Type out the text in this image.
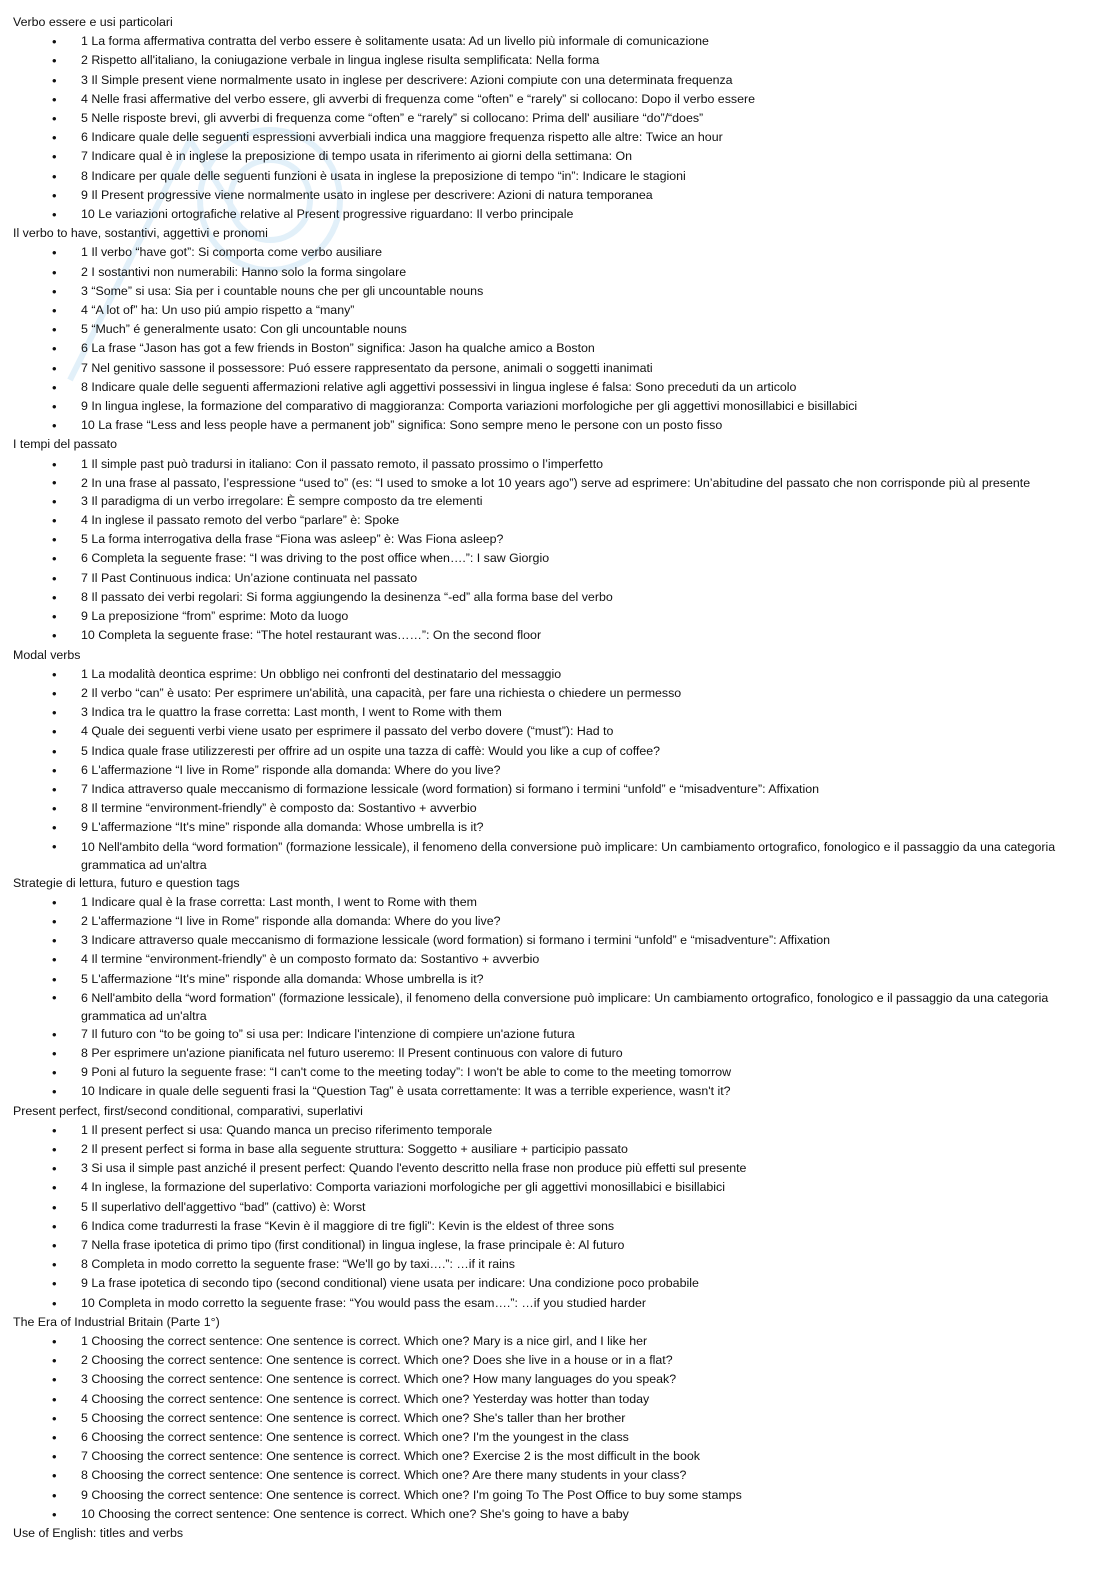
Verbo essere e usi particolari
• 1 La forma affermativa contratta del verbo essere è solitamente usata: Ad un livello più informale di comunicazione
• 2 Rispetto all'italiano, la coniugazione verbale in lingua inglese risulta semplificata: Nella forma
• 3 Il Simple present viene normalmente usato in inglese per descrivere: Azioni compiute con una determinata frequenza
• 4 Nelle frasi affermative del verbo essere, gli avverbi di frequenza come “often” e “rarely” si collocano: Dopo il verbo essere
• 5 Nelle risposte brevi, gli avverbi di frequenza come “often” e “rarely” si collocano: Prima dell' ausiliare “do”/“does”
• 6 Indicare quale delle seguenti espressioni avverbiali indica una maggiore frequenza rispetto alle altre: Twice an hour
• 7 Indicare qual è in inglese la preposizione di tempo usata in riferimento ai giorni della settimana: On
• 8 Indicare per quale delle seguenti funzioni è usata in inglese la preposizione di tempo “in”: Indicare le stagioni
• 9 Il Present progressive viene normalmente usato in inglese per descrivere: Azioni di natura temporanea
• 10 Le variazioni ortografiche relative al Present progressive riguardano: Il verbo principale
Il verbo to have, sostantivi, aggettivi e pronomi
• 1 Il verbo “have got”: Si comporta come verbo ausiliare
• 2 I sostantivi non numerabili: Hanno solo la forma singolare
• 3 “Some” si usa: Sia per i countable nouns che per gli uncountable nouns
• 4 “A lot of” ha: Un uso piú ampio rispetto a “many”
• 5 “Much” é generalmente usato: Con gli uncountable nouns
• 6 La frase “Jason has got a few friends in Boston” significa: Jason ha qualche amico a Boston
• 7 Nel genitivo sassone il possessore: Puó essere rappresentato da persone, animali o soggetti inanimati
• 8 Indicare quale delle seguenti affermazioni relative agli aggettivi possessivi in lingua inglese é falsa: Sono preceduti da un articolo
• 9 In lingua inglese, la formazione del comparativo di maggioranza: Comporta variazioni morfologiche per gli aggettivi monosillabici e bisillabici
• 10 La frase “Less and less people have a permanent job” significa: Sono sempre meno le persone con un posto fisso
I tempi del passato
• 1 Il simple past può tradursi in italiano: Con il passato remoto, il passato prossimo o l’imperfetto
• 2 In una frase al passato, l’espressione “used to” (es: “I used to smoke a lot 10 years ago”) serve ad esprimere: Un’abitudine del passato che non corrisponde più al presente
• 3 Il paradigma di un verbo irregolare: È sempre composto da tre elementi
• 4 In inglese il passato remoto del verbo “parlare” è: Spoke
• 5 La forma interrogativa della frase “Fiona was asleep” è: Was Fiona asleep?
• 6 Completa la seguente frase: “I was driving to the post office when….”: I saw Giorgio
• 7 Il Past Continuous indica: Un’azione continuata nel passato
• 8 Il passato dei verbi regolari: Si forma aggiungendo la desinenza “-ed” alla forma base del verbo
• 9 La preposizione “from” esprime: Moto da luogo
• 10 Completa la seguente frase: “The hotel restaurant was……”: On the second floor
Modal verbs
• 1 La modalità deontica esprime: Un obbligo nei confronti del destinatario del messaggio
• 2 Il verbo “can” è usato: Per esprimere un'abilità, una capacità, per fare una richiesta o chiedere un permesso
• 3 Indica tra le quattro la frase corretta: Last month, I went to Rome with them
• 4 Quale dei seguenti verbi viene usato per esprimere il passato del verbo dovere (“must”): Had to
• 5 Indica quale frase utilizzeresti per offrire ad un ospite una tazza di caffè: Would you like a cup of coffee?
• 6 L'affermazione “I live in Rome” risponde alla domanda: Where do you live?
• 7 Indica attraverso quale meccanismo di formazione lessicale (word formation) si formano i termini “unfold” e “misadventure”: Affixation
• 8 Il termine “environment-friendly” è composto da: Sostantivo + avverbio
• 9 L'affermazione “It's mine” risponde alla domanda: Whose umbrella is it?
• 10 Nell'ambito della “word formation” (formazione lessicale), il fenomeno della conversione può implicare: Un cambiamento ortografico, fonologico e il passaggio da una categoria grammatica ad un'altra
Strategie di lettura, futuro e question tags
• 1 Indicare qual è la frase corretta: Last month, I went to Rome with them
• 2 L'affermazione “I live in Rome” risponde alla domanda: Where do you live?
• 3 Indicare attraverso quale meccanismo di formazione lessicale (word formation) si formano i termini “unfold” e “misadventure”: Affixation
• 4 Il termine “environment-friendly” è un composto formato da: Sostantivo + avverbio
• 5 L'affermazione “It's mine” risponde alla domanda: Whose umbrella is it?
• 6 Nell'ambito della “word formation” (formazione lessicale), il fenomeno della conversione può implicare: Un cambiamento ortografico, fonologico e il passaggio da una categoria grammatica ad un'altra
• 7 Il futuro con “to be going to” si usa per: Indicare l'intenzione di compiere un'azione futura
• 8 Per esprimere un'azione pianificata nel futuro useremo: Il Present continuous con valore di futuro
• 9 Poni al futuro la seguente frase: “I can't come to the meeting today”: I won't be able to come to the meeting tomorrow
• 10 Indicare in quale delle seguenti frasi la “Question Tag” è usata correttamente: It was a terrible experience, wasn't it?
Present perfect, first/second conditional, comparativi, superlativi
• 1 Il present perfect si usa: Quando manca un preciso riferimento temporale
• 2 Il present perfect si forma in base alla seguente struttura: Soggetto + ausiliare + participio passato
• 3 Si usa il simple past anziché il present perfect: Quando l'evento descritto nella frase non produce più effetti sul presente
• 4 In inglese, la formazione del superlativo: Comporta variazioni morfologiche per gli aggettivi monosillabici e bisillabici
• 5 Il superlativo dell'aggettivo “bad” (cattivo) è: Worst
• 6 Indica come tradurresti la frase “Kevin è il maggiore di tre figli”: Kevin is the eldest of three sons
• 7 Nella frase ipotetica di primo tipo (first conditional) in lingua inglese, la frase principale è: Al futuro
• 8 Completa in modo corretto la seguente frase: “We'll go by taxi….”: …if it rains
• 9 La frase ipotetica di secondo tipo (second conditional) viene usata per indicare: Una condizione poco probabile
• 10 Completa in modo corretto la seguente frase: “You would pass the esam….”: …if you studied harder
The Era of Industrial Britain (Parte 1°)
• 1 Choosing the correct sentence: One sentence is correct. Which one? Mary is a nice girl, and I like her
• 2 Choosing the correct sentence: One sentence is correct. Which one? Does she live in a house or in a flat?
• 3 Choosing the correct sentence: One sentence is correct. Which one? How many languages do you speak?
• 4 Choosing the correct sentence: One sentence is correct. Which one? Yesterday was hotter than today
• 5 Choosing the correct sentence: One sentence is correct. Which one? She's taller than her brother
• 6 Choosing the correct sentence: One sentence is correct. Which one? I'm the youngest in the class
• 7 Choosing the correct sentence: One sentence is correct. Which one? Exercise 2 is the most difficult in the book
• 8 Choosing the correct sentence: One sentence is correct. Which one? Are there many students in your class?
• 9 Choosing the correct sentence: One sentence is correct. Which one? I'm going To The Post Office to buy some stamps
• 10 Choosing the correct sentence: One sentence is correct. Which one? She's going to have a baby
Use of English: titles and verbs
